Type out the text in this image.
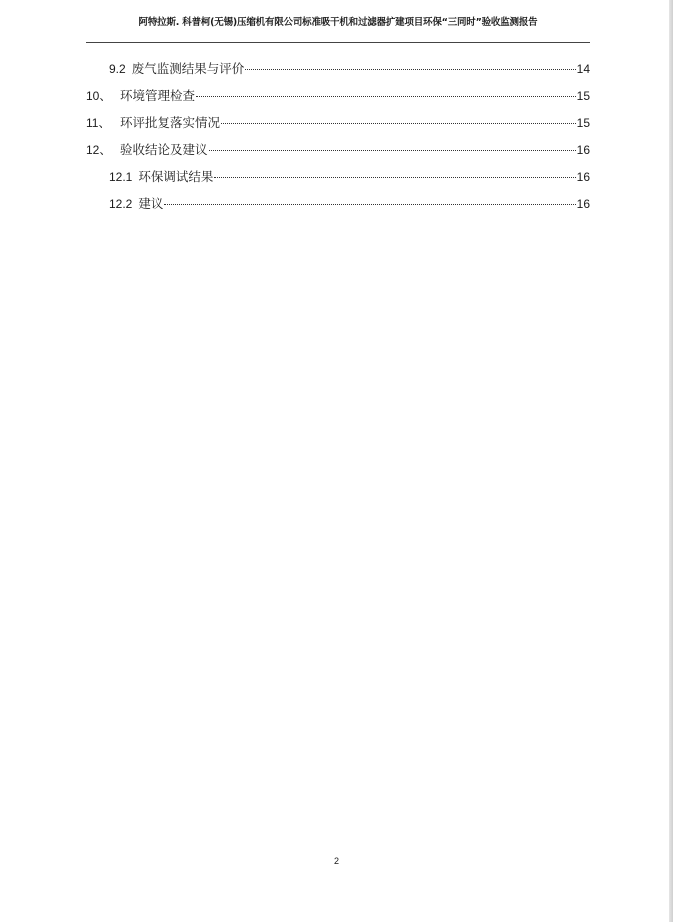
阿特拉斯. 科普柯(无锡)压缩机有限公司标准吸干机和过滤器扩建项目环保“三同时”验收监测报告
9.2 废气监测结果与评价	14
10、 环境管理检查	15
11、 环评批复落实情况	15
12、 验收结论及建议	16
12.1 环保调试结果	16
12.2 建议	16
2
